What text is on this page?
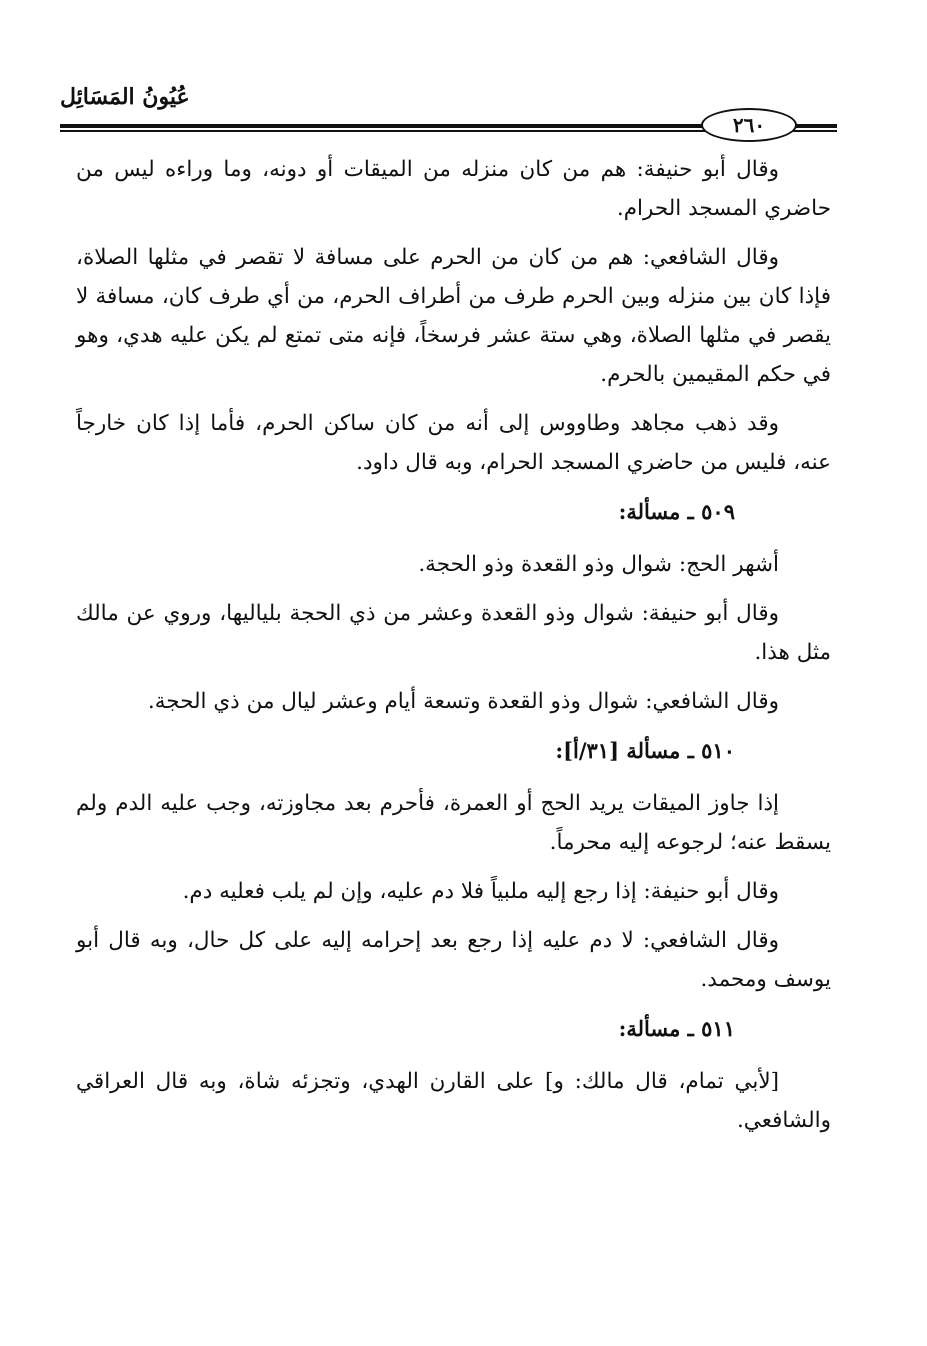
عُيُونُ المَسَائِل
٢٦٠

وقال أبو حنيفة: هم من كان منزله من الميقات أو دونه، وما وراءه ليس من حاضري المسجد الحرام.

وقال الشافعي: هم من كان من الحرم على مسافة لا تقصر في مثلها الصلاة، فإذا كان بين منزله وبين الحرم طرف من أطراف الحرم، من أي طرف كان، مسافة لا يقصر في مثلها الصلاة، وهي ستة عشر فرسخاً، فإنه متى تمتع لم يكن عليه هدي، وهو في حكم المقيمين بالحرم.

وقد ذهب مجاهد وطاووس إلى أنه من كان ساكن الحرم، فأما إذا كان خارجاً عنه، فليس من حاضري المسجد الحرام، وبه قال داود.

٥٠٩ ـ مسألة:

أشهر الحج: شوال وذو القعدة وذو الحجة.

وقال أبو حنيفة: شوال وذو القعدة وعشر من ذي الحجة بلياليها، وروي عن مالك مثل هذا.

وقال الشافعي: شوال وذو القعدة وتسعة أيام وعشر ليال من ذي الحجة.

٥١٠ ـ مسألة [٣١/أ]:

إذا جاوز الميقات يريد الحج أو العمرة، فأحرم بعد مجاوزته، وجب عليه الدم ولم يسقط عنه؛ لرجوعه إليه محرماً.

وقال أبو حنيفة: إذا رجع إليه ملبياً فلا دم عليه، وإن لم يلب فعليه دم.

وقال الشافعي: لا دم عليه إذا رجع بعد إحرامه إليه على كل حال، وبه قال أبو يوسف ومحمد.

٥١١ ـ مسألة:

[لأبي تمام، قال مالك: و] على القارن الهدي، وتجزئه شاة، وبه قال العراقي والشافعي.
